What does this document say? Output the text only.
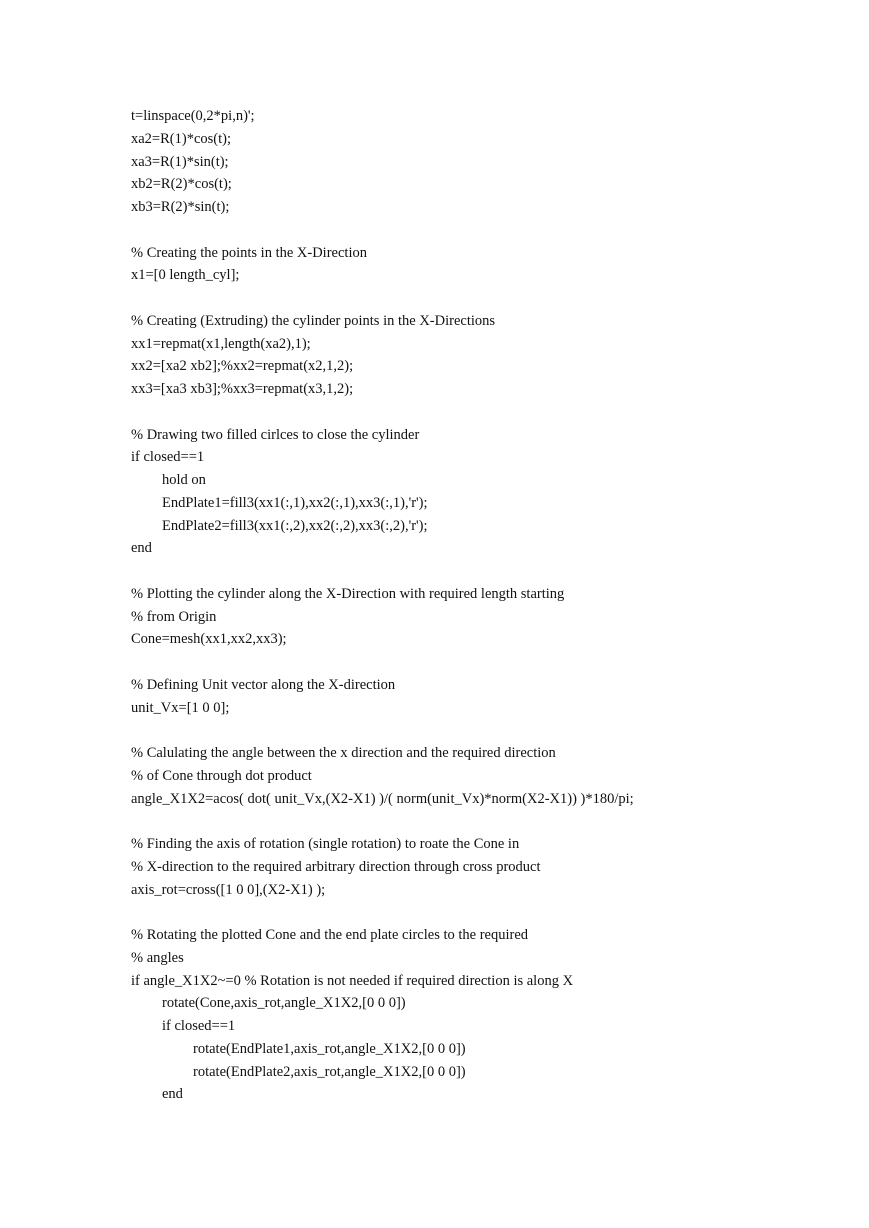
t=linspace(0,2*pi,n)';
xa2=R(1)*cos(t);
xa3=R(1)*sin(t);
xb2=R(2)*cos(t);
xb3=R(2)*sin(t);
% Creating the points in the X-Direction
x1=[0 length_cyl];
% Creating (Extruding) the cylinder points in the X-Directions
xx1=repmat(x1,length(xa2),1);
xx2=[xa2 xb2];%xx2=repmat(x2,1,2);
xx3=[xa3 xb3];%xx3=repmat(x3,1,2);
% Drawing two filled cirlces to close the cylinder
if closed==1
hold on
EndPlate1=fill3(xx1(:,1),xx2(:,1),xx3(:,1),'r');
EndPlate2=fill3(xx1(:,2),xx2(:,2),xx3(:,2),'r');
end
% Plotting the cylinder along the X-Direction with required length starting
% from Origin
Cone=mesh(xx1,xx2,xx3);
% Defining Unit vector along the X-direction
unit_Vx=[1 0 0];
% Calulating the angle between the x direction and the required direction
% of Cone through dot product
angle_X1X2=acos( dot( unit_Vx,(X2-X1) )/( norm(unit_Vx)*norm(X2-X1)) )*180/pi;
% Finding the axis of rotation (single rotation) to roate the Cone in
% X-direction to the required arbitrary direction through cross product
axis_rot=cross([1 0 0],(X2-X1) );
% Rotating the plotted Cone and the end plate circles to the required
% angles
if angle_X1X2~=0 % Rotation is not needed if required direction is along X
rotate(Cone,axis_rot,angle_X1X2,[0 0 0])
if closed==1
rotate(EndPlate1,axis_rot,angle_X1X2,[0 0 0])
rotate(EndPlate2,axis_rot,angle_X1X2,[0 0 0])
end
